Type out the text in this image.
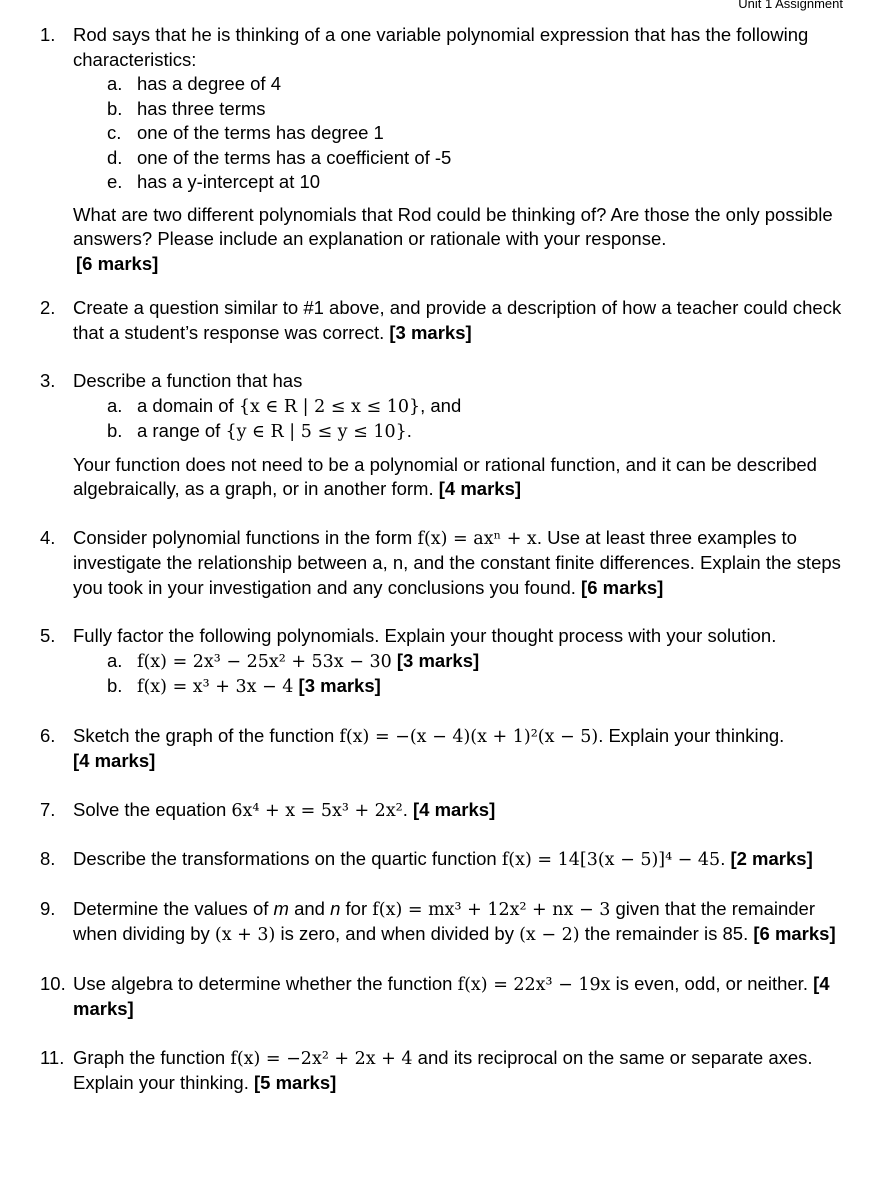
Unit 1 Assignment
1. Rod says that he is thinking of a one variable polynomial expression that has the following characteristics:
a. has a degree of 4
b. has three terms
c. one of the terms has degree 1
d. one of the terms has a coefficient of -5
e. has a y-intercept at 10
What are two different polynomials that Rod could be thinking of? Are those the only possible answers? Please include an explanation or rationale with your response.
[6 marks]
2. Create a question similar to #1 above, and provide a description of how a teacher could check that a student’s response was correct. [3 marks]
3. Describe a function that has
a. a domain of {x ∈ R | 2 ≤ x ≤ 10}, and
b. a range of {y ∈ R | 5 ≤ y ≤ 10}.
Your function does not need to be a polynomial or rational function, and it can be described algebraically, as a graph, or in another form. [4 marks]
4. Consider polynomial functions in the form f(x) = axⁿ + x. Use at least three examples to investigate the relationship between a, n, and the constant finite differences. Explain the steps you took in your investigation and any conclusions you found. [6 marks]
5. Fully factor the following polynomials. Explain your thought process with your solution.
a. f(x) = 2x³ − 25x² + 53x − 30 [3 marks]
b. f(x) = x³ + 3x − 4 [3 marks]
6. Sketch the graph of the function f(x) = −(x − 4)(x + 1)²(x − 5). Explain your thinking.
[4 marks]
7. Solve the equation 6x⁴ + x = 5x³ + 2x². [4 marks]
8. Describe the transformations on the quartic function f(x) = 14[3(x − 5)]⁴ − 45. [2 marks]
9. Determine the values of m and n for f(x) = mx³ + 12x² + nx − 3 given that the remainder when dividing by (x + 3) is zero, and when divided by (x − 2) the remainder is 85. [6 marks]
10. Use algebra to determine whether the function f(x) = 22x³ − 19x is even, odd, or neither. [4 marks]
11. Graph the function f(x) = −2x² + 2x + 4 and its reciprocal on the same or separate axes. Explain your thinking. [5 marks]
